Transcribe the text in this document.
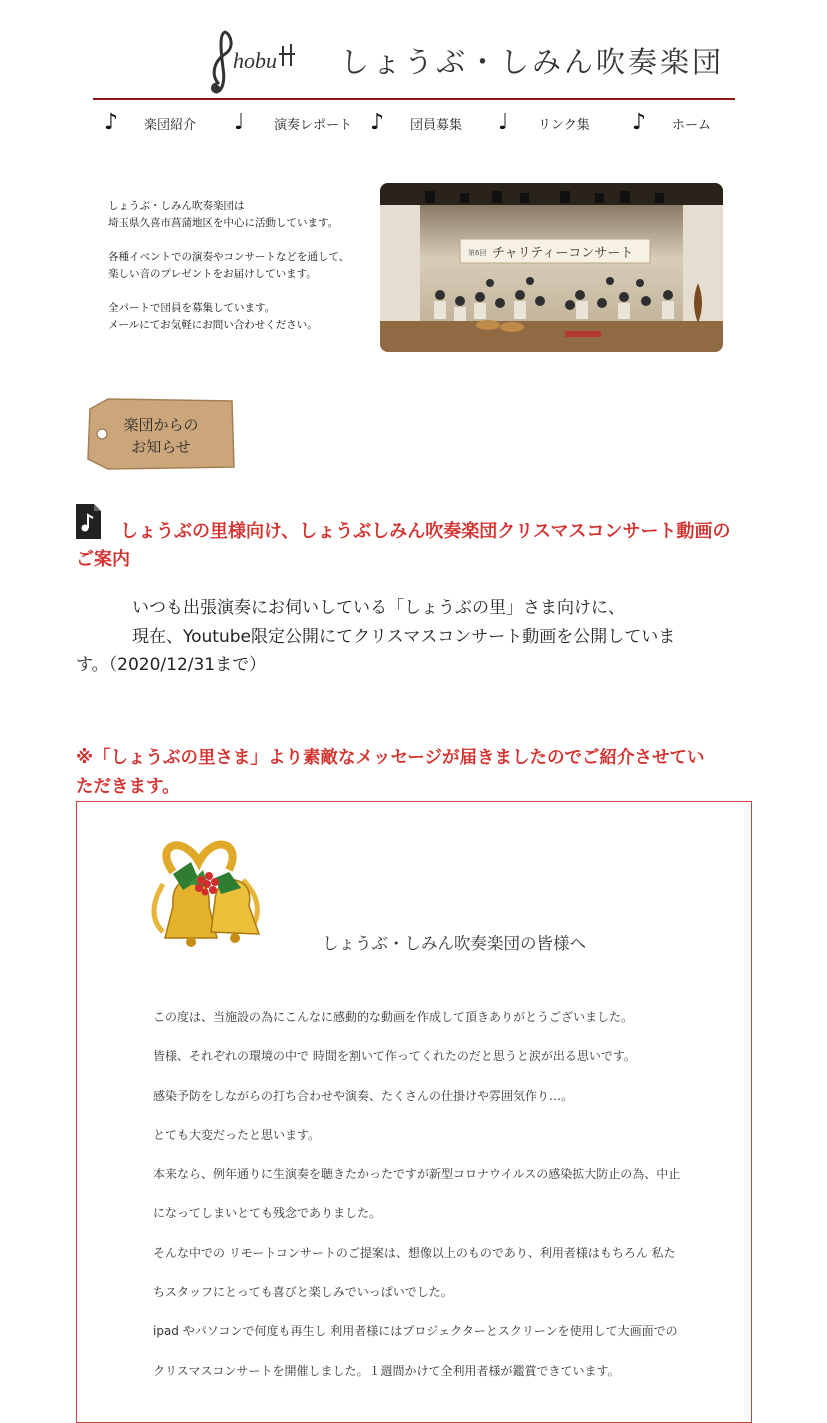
hobu しょうぶ・しみん吹奏楽団
♪	楽団紹介 ♩	演奏レポート ♪	団員募集 ♩	リンク集 ♪	ホーム

しょうぶ・しみん吹奏楽団は
埼玉県久喜市菖蒲地区を中心に活動しています。

各種イベントでの演奏やコンサートなどを通して、
楽しい音のプレゼントをお届けしています。

全パートで団員を募集しています。
メールにてお気軽にお問い合わせください。

第6回 チャリティーコンサート
楽団からの
お知らせ
しょうぶの里様向け、しょうぶしみん吹奏楽団クリスマスコンサート動画の
ご案内

いつも出張演奏にお伺いしている「しょうぶの里」さま向けに、

現在、Youtube限定公開にてクリスマスコンサート動画を公開していま

す。（2020/12/31まで）

※「しょうぶの里さま」より素敵なメッセージが届きましたのでご紹介させてい
ただきます。
しょうぶ・しみん吹奏楽団の皆様へ
この度は、当施設の為にこんなに感動的な動画を作成して頂きありがとうございました。
皆様、それぞれの環境の中で 時間を割いて作ってくれたのだと思うと涙が出る思いです。
感染予防をしながらの打ち合わせや演奏、たくさんの仕掛けや雰囲気作り…。
とても大変だったと思います。
本来なら、例年通りに生演奏を聴きたかったですが新型コロナウイルスの感染拡大防止の為、中止
になってしまいとても残念でありました。
そんな中での リモートコンサートのご提案は、想像以上のものであり、利用者様はもちろん 私た
ちスタッフにとっても喜びと楽しみでいっぱいでした。
ipad やパソコンで何度も再生し 利用者様にはプロジェクターとスクリーンを使用して大画面での
クリスマスコンサートを開催しました。１週間かけて全利用者様が鑑賞できています。
